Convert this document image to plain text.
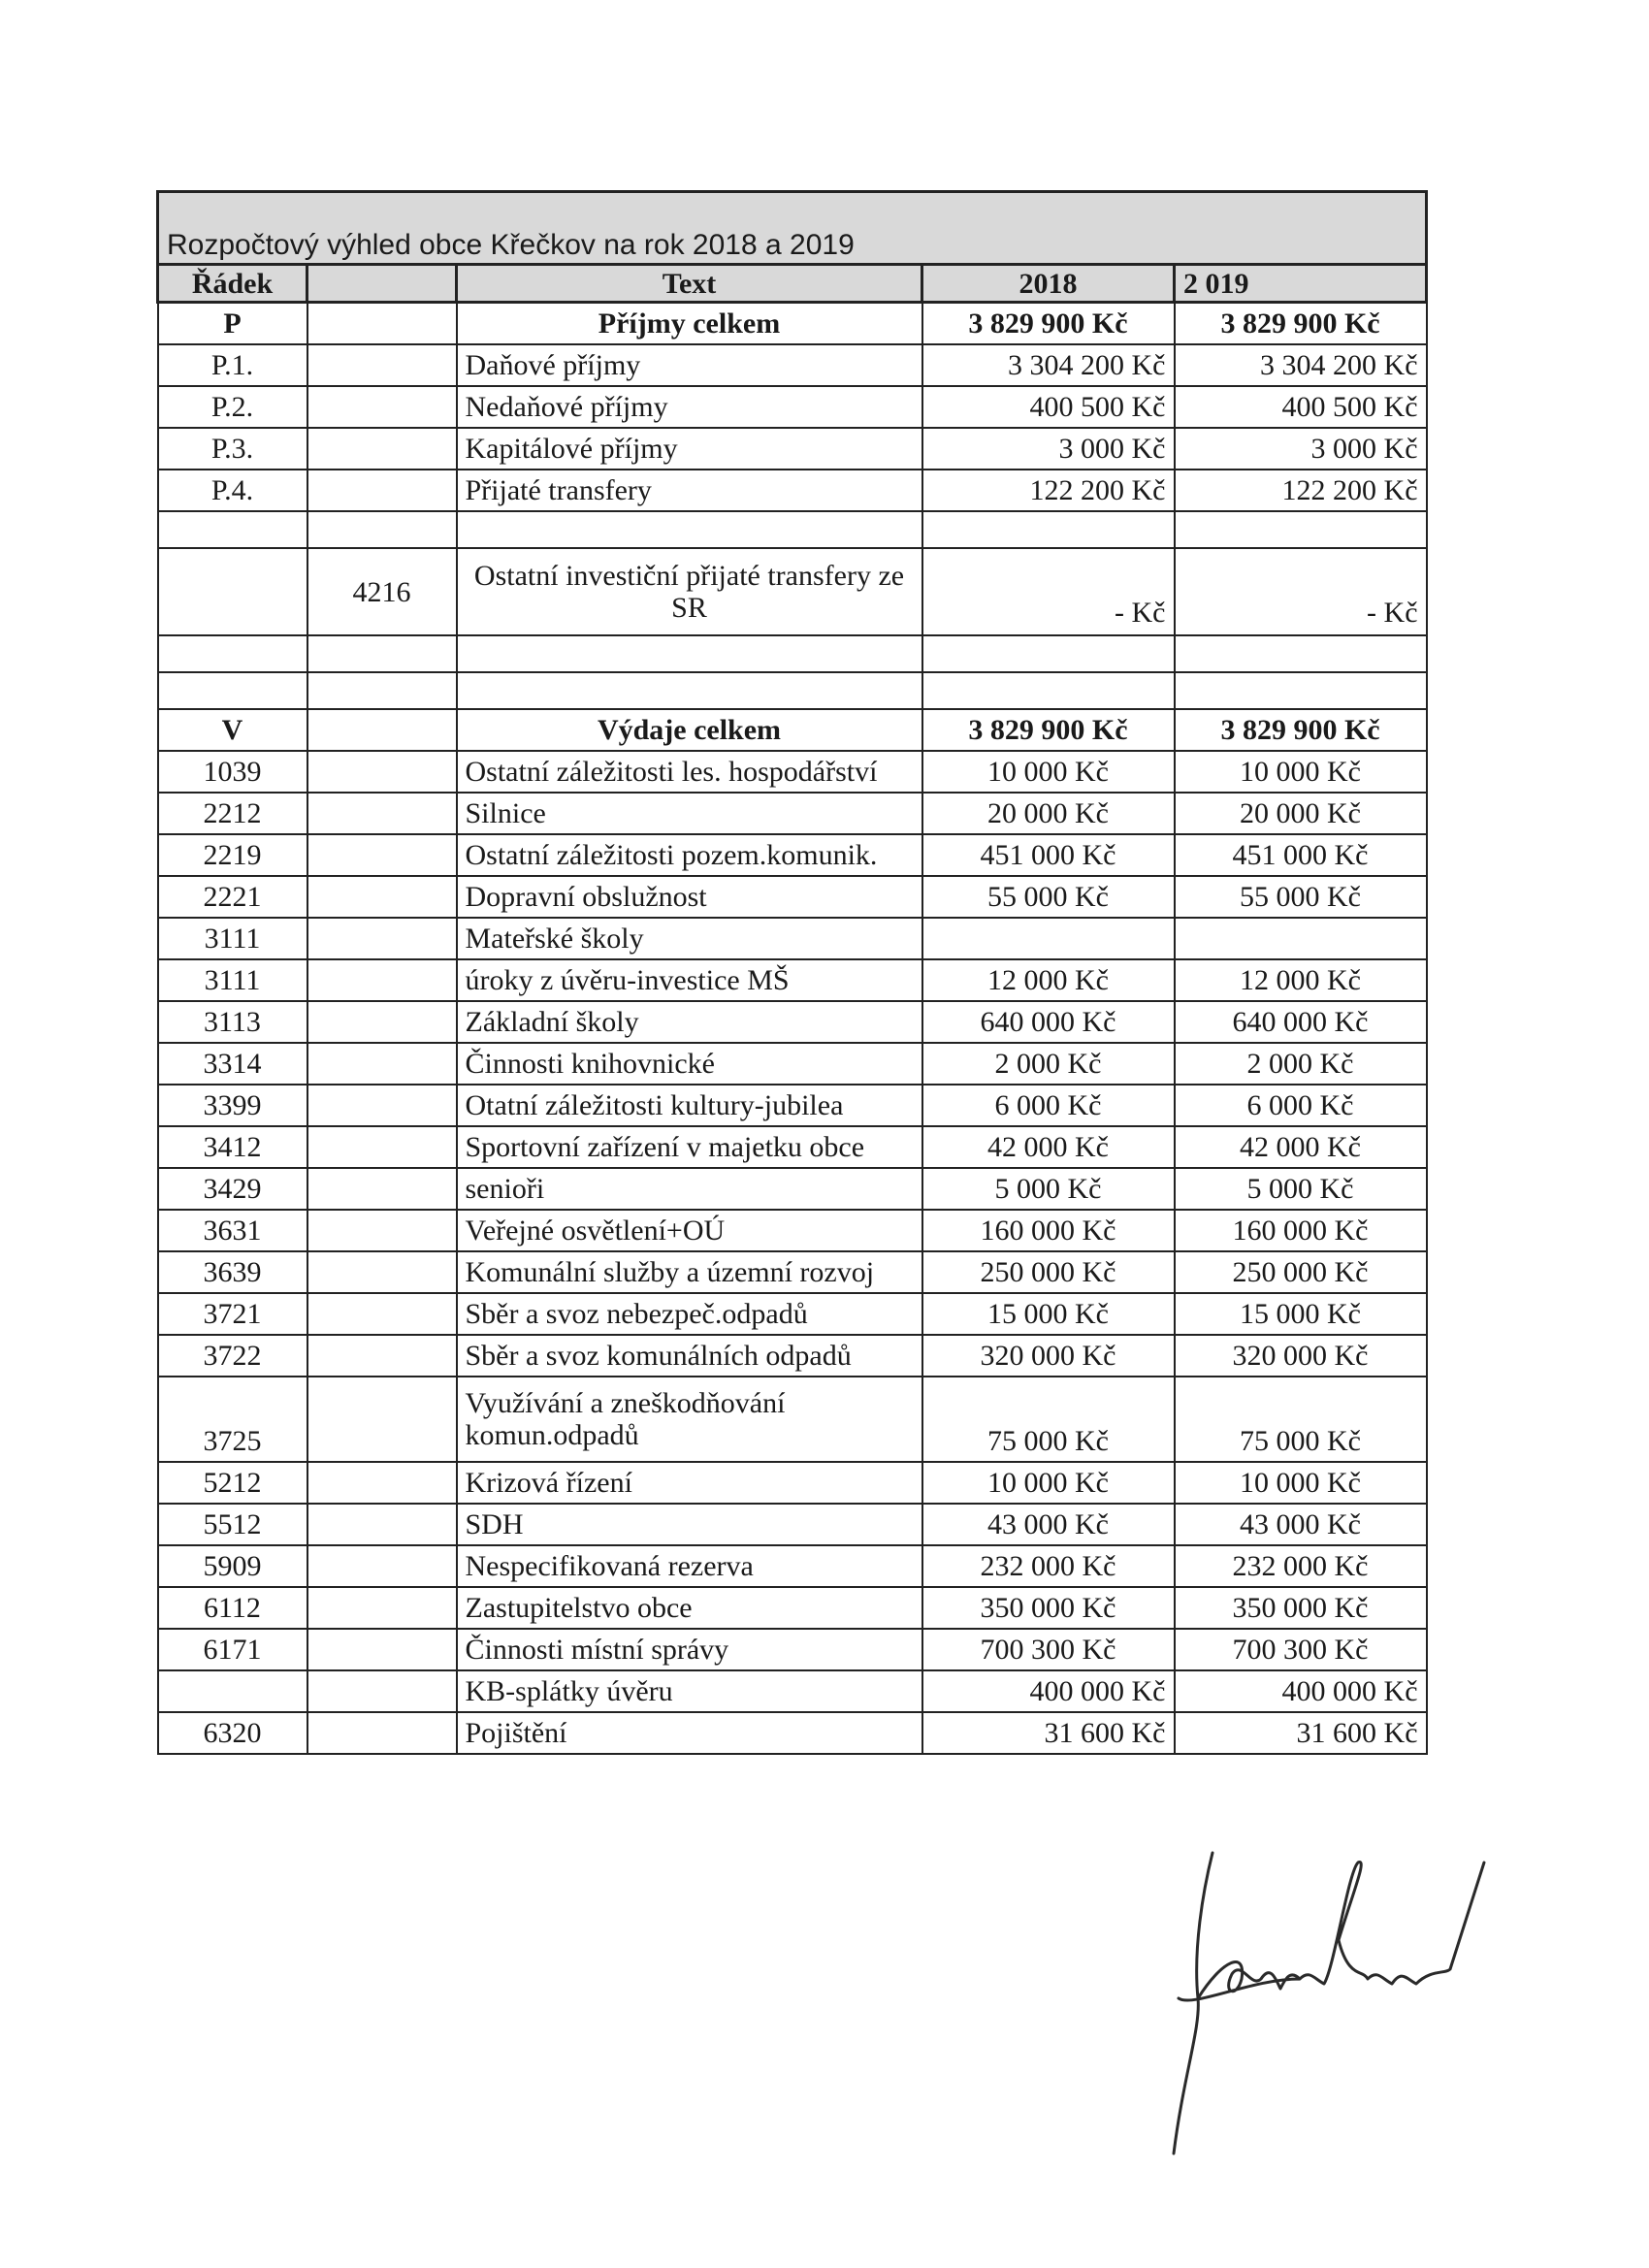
Rozpočtový výhled obce Křečkov na rok 2018 a 2019				
Řádek		Text	2018	2 019
P		Příjmy celkem	3 829 900 Kč	3 829 900 Kč
P.1.		Daňové příjmy	3 304 200 Kč	3 304 200 Kč
P.2.		Nedaňové příjmy	400 500 Kč	400 500 Kč
P.3.		Kapitálové příjmy	3 000 Kč	3 000 Kč
P.4.		Přijaté transfery	122 200 Kč	122 200 Kč

	4216	Ostatní investiční přijaté transfery ze SR	- Kč	- Kč

V		Výdaje celkem	3 829 900 Kč	3 829 900 Kč
1039		Ostatní záležitosti les. hospodářství	10 000 Kč	10 000 Kč
2212		Silnice	20 000 Kč	20 000 Kč
2219		Ostatní záležitosti pozem.komunik.	451 000 Kč	451 000 Kč
2221		Dopravní obslužnost	55 000 Kč	55 000 Kč
3111		Mateřské školy		
3111		úroky z úvěru-investice MŠ	12 000 Kč	12 000 Kč
3113		Základní školy	640 000 Kč	640 000 Kč
3314		Činnosti knihovnické	2 000 Kč	2 000 Kč
3399		Otatní záležitosti kultury-jubilea	6 000 Kč	6 000 Kč
3412		Sportovní zařízení v majetku obce	42 000 Kč	42 000 Kč
3429		senioři	5 000 Kč	5 000 Kč
3631		Veřejné osvětlení+OÚ	160 000 Kč	160 000 Kč
3639		Komunální služby a územní rozvoj	250 000 Kč	250 000 Kč
3721		Sběr a svoz nebezpeč.odpadů	15 000 Kč	15 000 Kč
3722		Sběr a svoz komunálních odpadů	320 000 Kč	320 000 Kč
3725		Využívání a zneškodňování komun.odpadů	75 000 Kč	75 000 Kč
5212		Krizová řízení	10 000 Kč	10 000 Kč
5512		SDH	43 000 Kč	43 000 Kč
5909		Nespecifikovaná rezerva	232 000 Kč	232 000 Kč
6112		Zastupitelstvo obce	350 000 Kč	350 000 Kč
6171		Činnosti místní správy	700 300 Kč	700 300 Kč
		KB-splátky úvěru	400 000 Kč	400 000 Kč
6320		Pojištění	31 600 Kč	31 600 Kč
